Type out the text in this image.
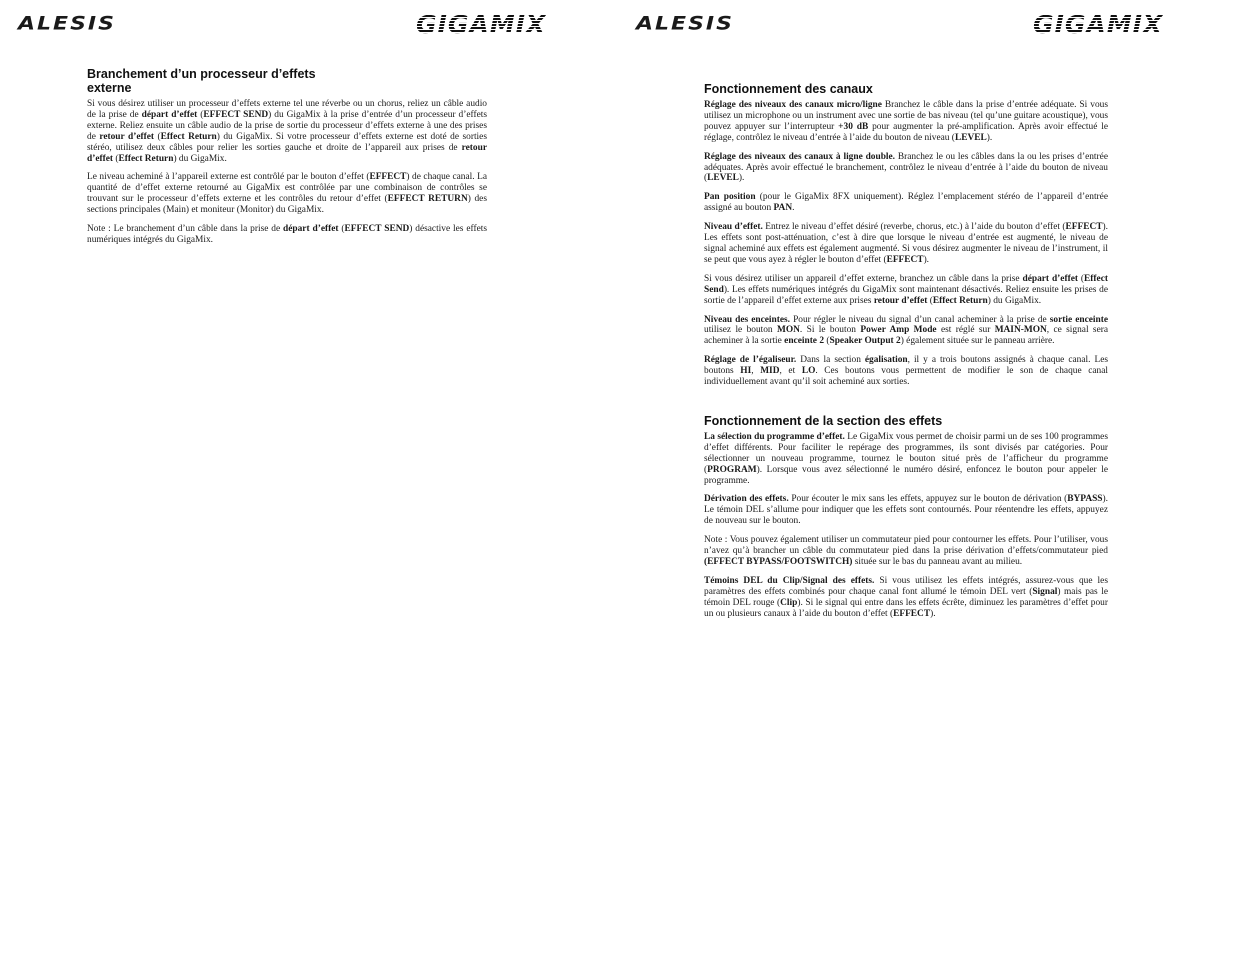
ALESIS	GIGAMIX	ALESIS	GIGAMIX
Branchement d’un processeur d’effets externe

Si vous désirez utiliser un processeur d’effets externe tel une réverbe ou un chorus, reliez un câble audio de la prise de départ d’effet (EFFECT SEND) du GigaMix à la prise d’entrée d’un processeur d’effets externe. Reliez ensuite un câble audio de la prise de sortie du processeur d’effets externe à une des prises de retour d’effet (Effect Return) du GigaMix. Si votre processeur d’effets externe est doté de sorties stéréo, utilisez deux câbles pour relier les sorties gauche et droite de l’appareil aux prises de retour d’effet (Effect Return) du GigaMix.

Le niveau acheminé à l’appareil externe est contrôlé par le bouton d’effet (EFFECT) de chaque canal. La quantité de d’effet externe retourné au GigaMix est contrôlée par une combinaison de contrôles se trouvant sur le processeur d’effets externe et les contrôles du retour d’effet (EFFECT RETURN) des sections principales (Main) et moniteur (Monitor) du GigaMix.

Note : Le branchement d’un câble dans la prise de départ d’effet (EFFECT SEND) désactive les effets numériques intégrés du GigaMix.

Fonctionnement des canaux

Réglage des niveaux des canaux micro/ligne Branchez le câble dans la prise d’entrée adéquate. Si vous utilisez un microphone ou un instrument avec une sortie de bas niveau (tel qu’une guitare acoustique), vous pouvez appuyer sur l’interrupteur +30 dB pour augmenter la pré-amplification. Après avoir effectué le réglage, contrôlez le niveau d’entrée à l’aide du bouton de niveau (LEVEL).

Réglage des niveaux des canaux à ligne double. Branchez le ou les câbles dans la ou les prises d’entrée adéquates. Après avoir effectué le branchement, contrôlez le niveau d’entrée à l’aide du bouton de niveau (LEVEL).

Pan position (pour le GigaMix 8FX uniquement). Réglez l’emplacement stéréo de l’appareil d’entrée assigné au bouton PAN.

Niveau d’effet. Entrez le niveau d’effet désiré (reverbe, chorus, etc.) à l’aide du bouton d’effet (EFFECT). Les effets sont post-atténuation, c’est à dire que lorsque le niveau d’entrée est augmenté, le niveau de signal acheminé aux effets est également augmenté. Si vous désirez augmenter le niveau de l’instrument, il se peut que vous ayez à régler le bouton d’effet (EFFECT).

Si vous désirez utiliser un appareil d’effet externe, branchez un câble dans la prise départ d’effet (Effect Send). Les effets numériques intégrés du GigaMix sont maintenant désactivés. Reliez ensuite les prises de sortie de l’appareil d’effet externe aux prises retour d’effet (Effect Return) du GigaMix.

Niveau des enceintes. Pour régler le niveau du signal d’un canal acheminer à la prise de sortie enceinte utilisez le bouton MON. Si le bouton Power Amp Mode est réglé sur MAIN-MON, ce signal sera acheminer à la sortie enceinte 2 (Speaker Output 2) également située sur le panneau arrière.

Réglage de l’égaliseur. Dans la section égalisation, il y a trois boutons assignés à chaque canal. Les boutons HI, MID, et LO. Ces boutons vous permettent de modifier le son de chaque canal individuellement avant qu’il soit acheminé aux sorties.

Fonctionnement de la section des effets

La sélection du programme d’effet. Le GigaMix vous permet de choisir parmi un de ses 100 programmes d’effet différents. Pour faciliter le repérage des programmes, ils sont divisés par catégories. Pour sélectionner un nouveau programme, tournez le bouton situé près de l’afficheur du programme (PROGRAM). Lorsque vous avez sélectionné le numéro désiré, enfoncez le bouton pour appeler le programme.

Dérivation des effets. Pour écouter le mix sans les effets, appuyez sur le bouton de dérivation (BYPASS). Le témoin DEL s’allume pour indiquer que les effets sont contournés. Pour réentendre les effets, appuyez de nouveau sur le bouton.

Note : Vous pouvez également utiliser un commutateur pied pour contourner les effets. Pour l’utiliser, vous n’avez qu’à brancher un câble du commutateur pied dans la prise dérivation d’effets/commutateur pied (EFFECT BYPASS/FOOTSWITCH) située sur le bas du panneau avant au milieu.

Témoins DEL du Clip/Signal des effets. Si vous utilisez les effets intégrés, assurez-vous que les paramètres des effets combinés pour chaque canal font allumé le témoin DEL vert (Signal) mais pas le témoin DEL rouge (Clip). Si le signal qui entre dans les effets écrête, diminuez les paramètres d’effet pour un ou plusieurs canaux à l’aide du bouton d’effet (EFFECT).
